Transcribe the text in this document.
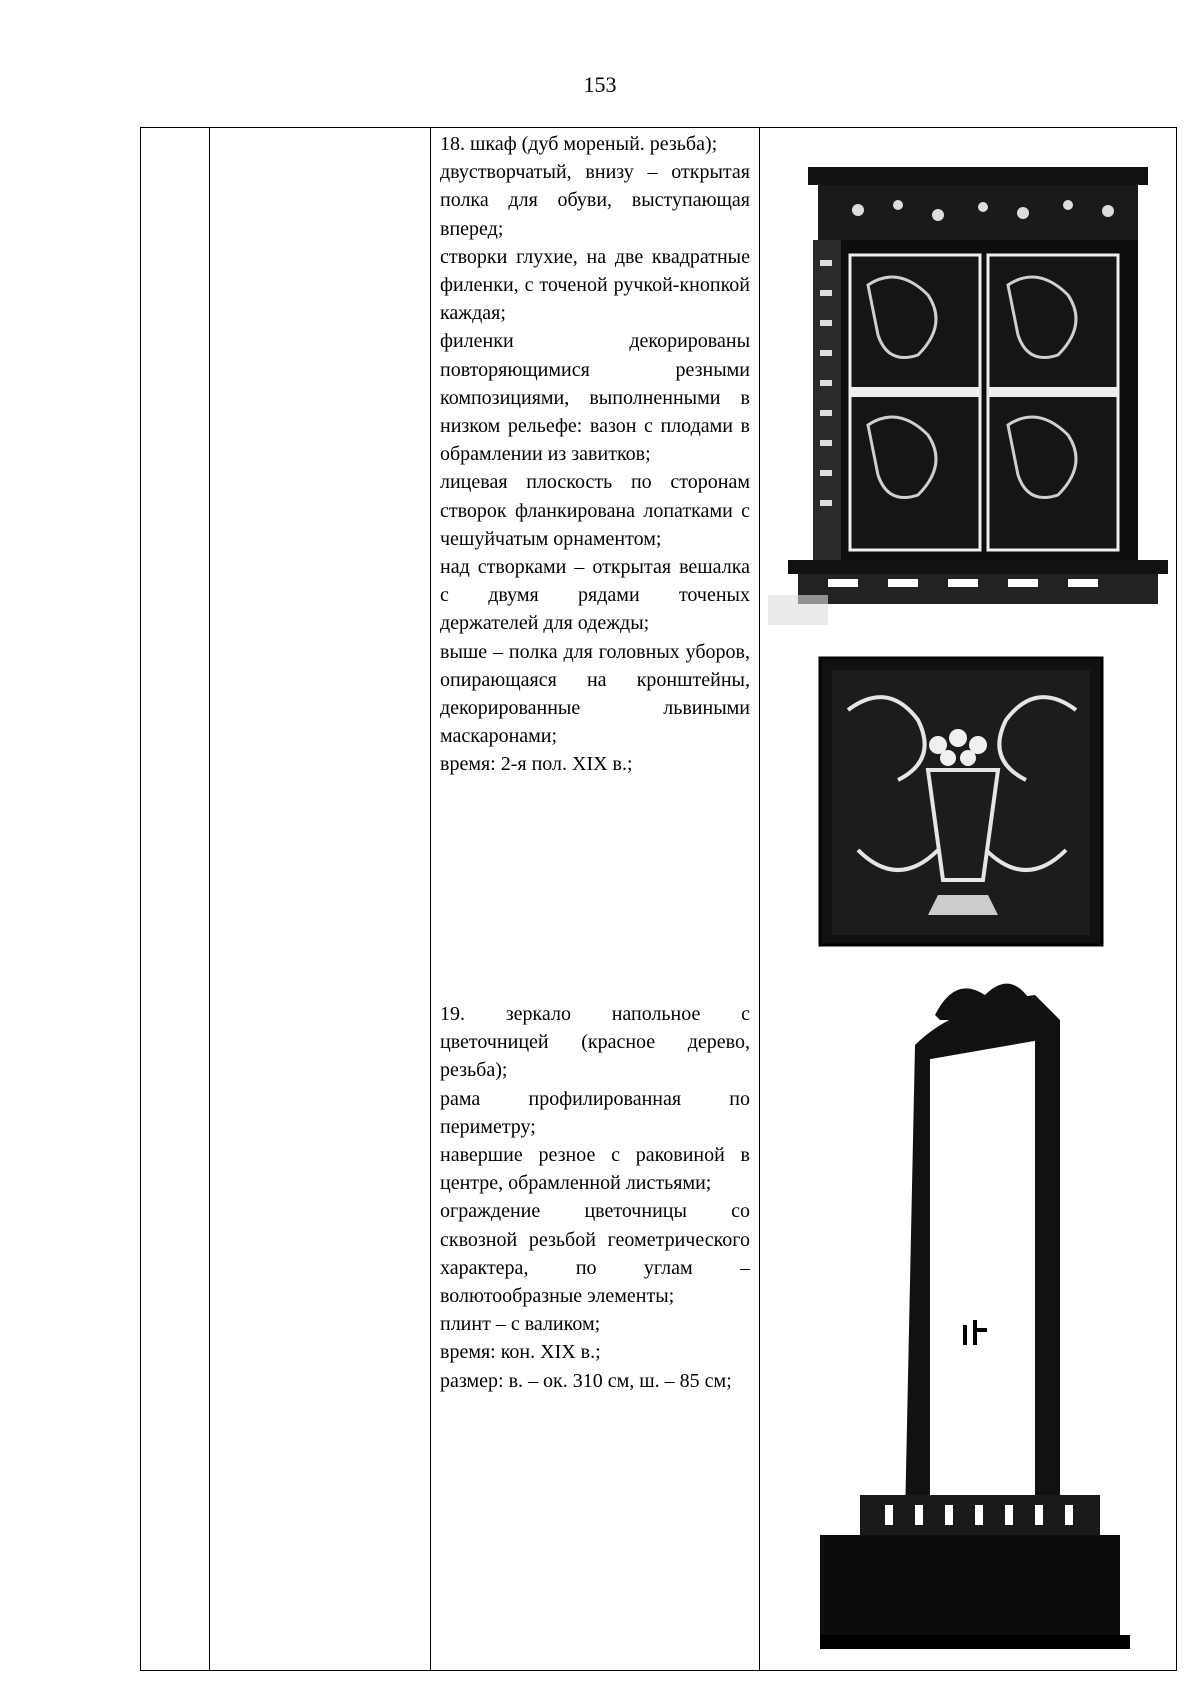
153

18. шкаф (дуб мореный. резьба);

двустворчатый, внизу – открытая полка для обуви, выступающая вперед;

створки глухие, на две квадратные филенки, с точеной ручкой-кнопкой каждая;

филенки декорированы повторяющимися резными композициями, выполненными в низком рельефе: вазон с плодами в обрамлении из завитков;

лицевая плоскость по сторонам створок фланкирована лопатками с чешуйчатым орнаментом;

над створками – открытая вешалка с двумя рядами точеных держателей для одежды;

выше – полка для головных уборов, опирающаяся на кронштейны, декорированные львиными маскаронами;

время: 2-я пол. XIX в.;

19. зеркало напольное с цветочницей (красное дерево, резьба);

рама профилированная по периметру;

навершие резное с раковиной в центре, обрамленной листьями;

ограждение цветочницы со сквозной резьбой геометрического характера, по углам – волютообразные элементы;

плинт – с валиком;

время: кон. XIX в.;

размер: в. – ок. 310 см, ш. – 85 см;
